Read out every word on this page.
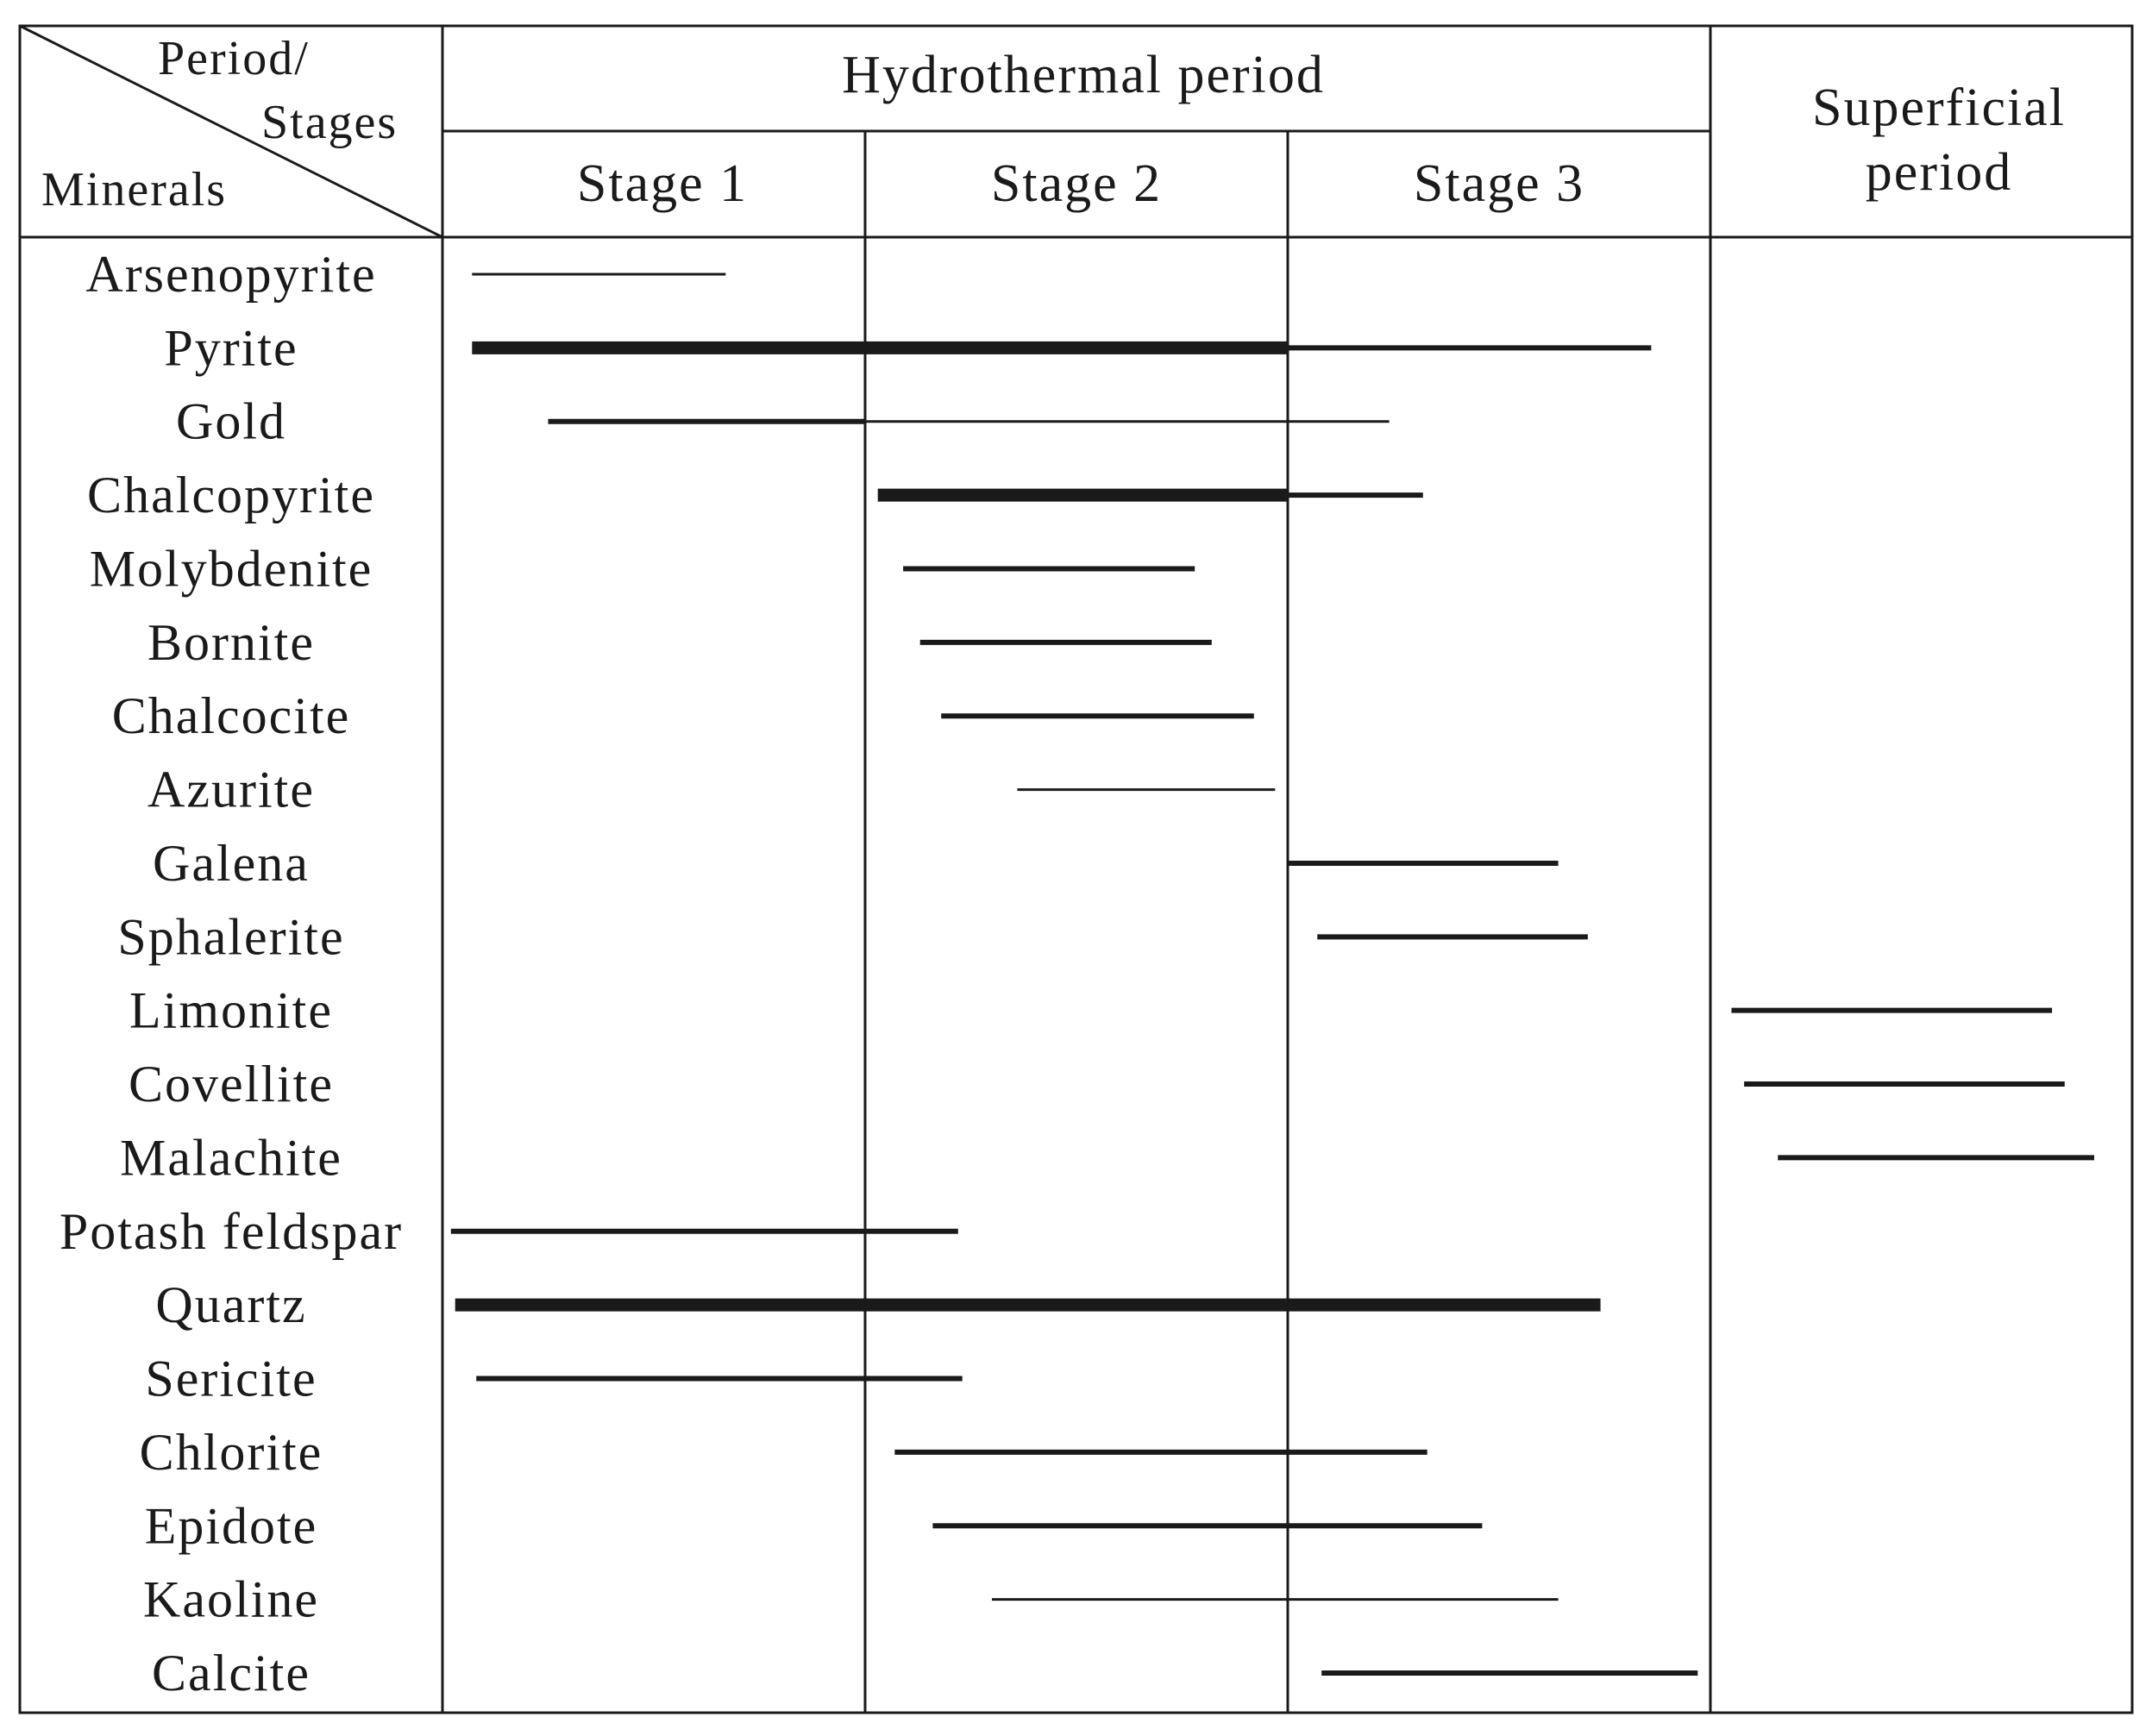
Period/
Stages
Minerals
Hydrothermal period
Stage 1	Stage 2	Stage 3
Superficial
period
Arsenopyrite
Pyrite
Gold
Chalcopyrite
Molybdenite
Bornite
Chalcocite
Azurite
Galena
Sphalerite
Limonite
Covellite
Malachite
Potash feldspar
Quartz
Sericite
Chlorite
Epidote
Kaoline
Calcite
